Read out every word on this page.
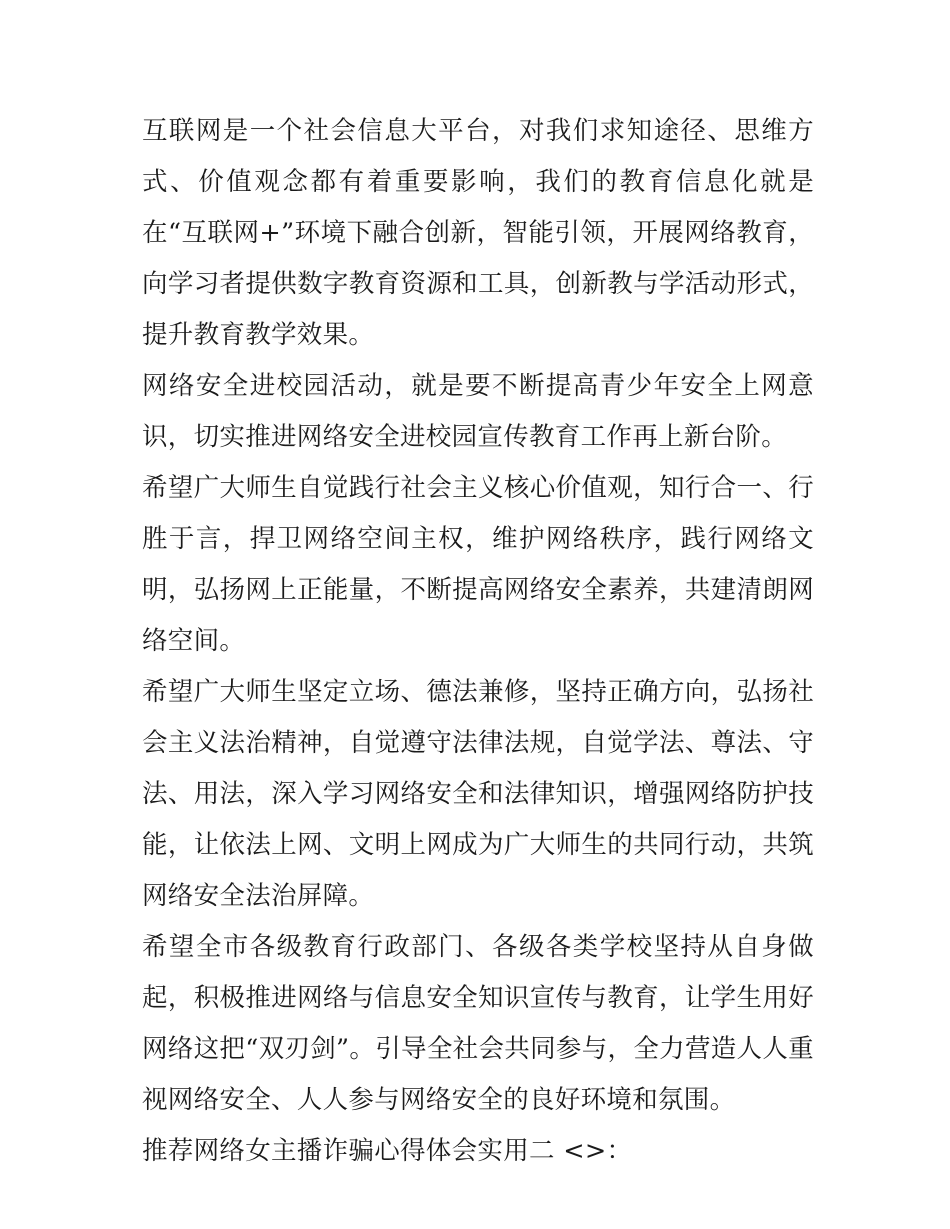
互联网是一个社会信息大平台，对我们求知途径、思维方式、价值观念都有着重要影响，我们的教育信息化就是在“互联网+”环境下融合创新，智能引领，开展网络教育，向学习者提供数字教育资源和工具，创新教与学活动形式，提升教育教学效果。

网络安全进校园活动，就是要不断提高青少年安全上网意识，切实推进网络安全进校园宣传教育工作再上新台阶。

希望广大师生自觉践行社会主义核心价值观，知行合一、行胜于言，捍卫网络空间主权，维护网络秩序，践行网络文明，弘扬网上正能量，不断提高网络安全素养，共建清朗网络空间。

希望广大师生坚定立场、德法兼修，坚持正确方向，弘扬社会主义法治精神，自觉遵守法律法规，自觉学法、尊法、守法、用法，深入学习网络安全和法律知识，增强网络防护技能，让依法上网、文明上网成为广大师生的共同行动，共筑网络安全法治屏障。

希望全市各级教育行政部门、各级各类学校坚持从自身做起，积极推进网络与信息安全知识宣传与教育，让学生用好网络这把“双刃剑”。引导全社会共同参与，全力营造人人重视网络安全、人人参与网络安全的良好环境和氛围。

推荐网络女主播诈骗心得体会实用二 <>：
